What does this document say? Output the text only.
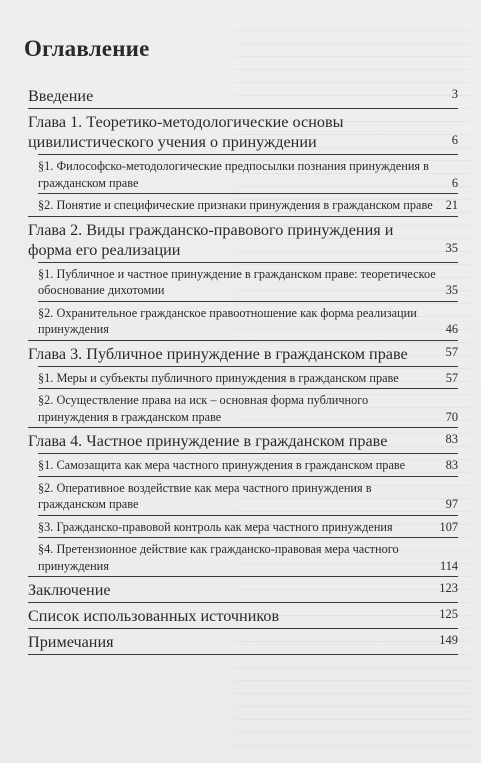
Оглавление
Введение	3
Глава 1. Теоретико-методологические основы цивилистического учения о принуждении	6
§1. Философско-методологические предпосылки познания принуждения в гражданском праве	6
§2. Понятие и специфические признаки принуждения в гражданском праве	21
Глава 2. Виды гражданско-правового принуждения и форма его реализации	35
§1. Публичное и частное принуждение в гражданском праве: теоретическое обоснование дихотомии	35
§2. Охранительное гражданское правоотношение как форма реализации принуждения	46
Глава 3. Публичное принуждение в гражданском праве	57
§1. Меры и субъекты публичного принуждения в гражданском праве	57
§2. Осуществление права на иск – основная форма публичного принуждения в гражданском праве	70
Глава 4. Частное принуждение в гражданском праве	83
§1. Самозащита как мера частного принуждения в гражданском праве	83
§2. Оперативное воздействие как мера частного принуждения в гражданском праве	97
§3. Гражданско-правовой контроль как мера частного принуждения	107
§4. Претензионное действие как гражданско-правовая мера частного принуждения	114
Заключение	123
Список использованных источников	125
Примечания	149
